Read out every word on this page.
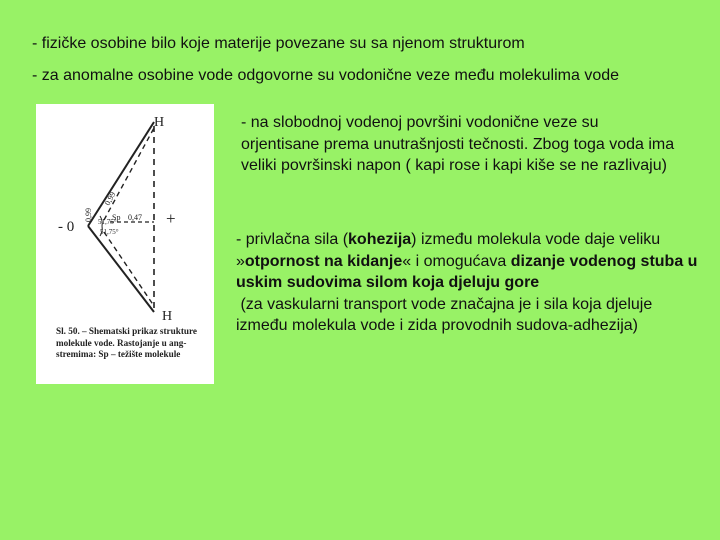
- fizičke osobine bilo koje materije povezane su sa njenom strukturom
- za anomalne osobine vode odgovorne su vodonične veze među molekulima vode
H
H
- 0	+
Sp 0,47
0,99
0,99 51,75°
51,75°

Sl. 50. – Shematski prikaz strukture
molekule vode. Rastojanje u ang-
stremima: Sp – težište molekule

- na slobodnoj vodenoj površini vodonične veze su orjentisane prema unutrašnjosti tečnosti. Zbog toga voda ima veliki površinski napon ( kapi rose i kapi kiše se ne razlivaju)
- privlačna sila (kohezija) između molekula vode daje veliku »otpornost na kidanje« i omogućava dizanje vodenog stuba u uskim sudovima silom koja djeluju gore
(za vaskularni transport vode značajna je i sila koja djeluje između molekula vode i zida provodnih sudova-adhezija)
